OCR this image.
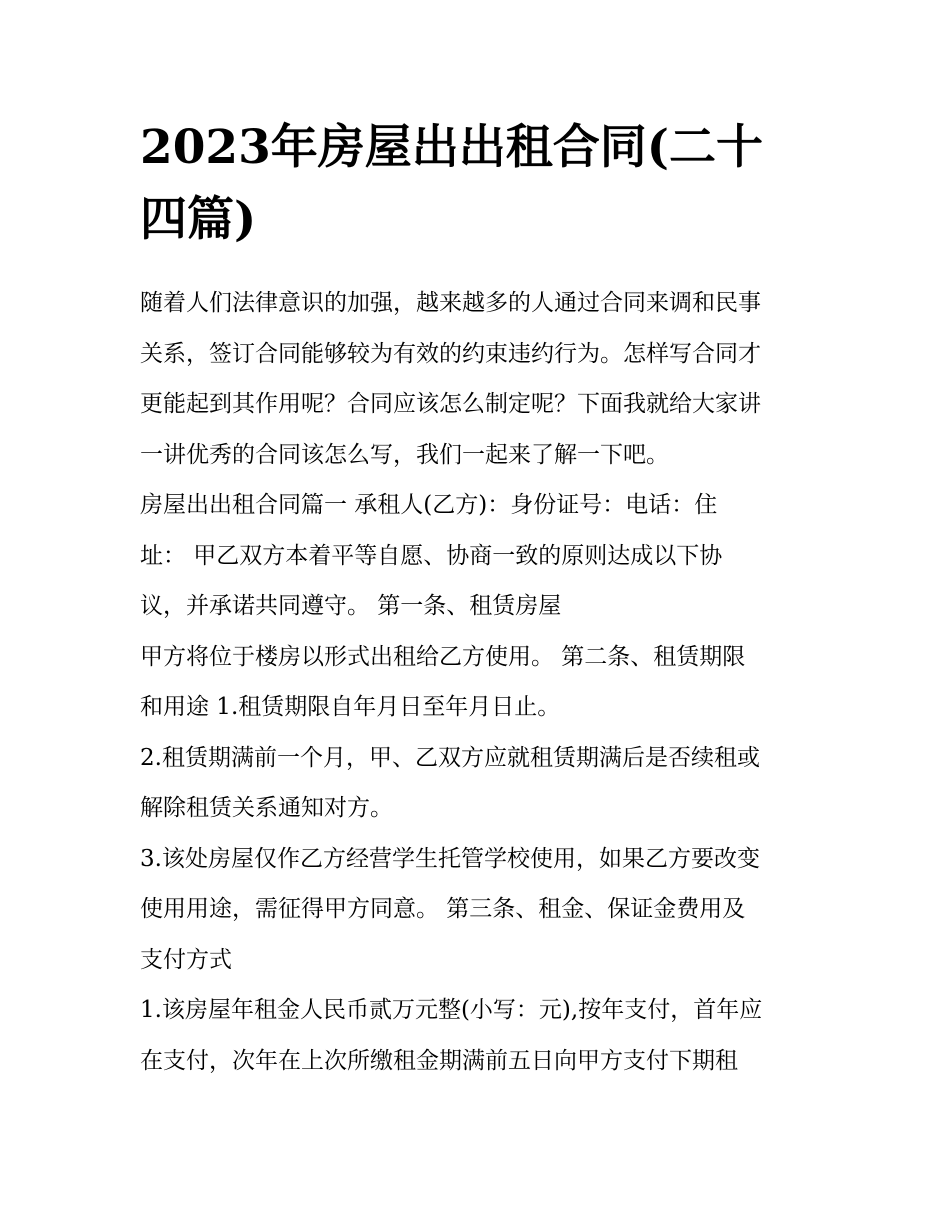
2023年房屋出出租合同(二十
四篇)
随着人们法律意识的加强，越来越多的人通过合同来调和民事
关系，签订合同能够较为有效的约束违约行为。怎样写合同才
更能起到其作用呢？合同应该怎么制定呢？下面我就给大家讲
一讲优秀的合同该怎么写，我们一起来了解一下吧。
房屋出出租合同篇一 承租人(乙方)：身份证号：电话：住
址： 甲乙双方本着平等自愿、协商一致的原则达成以下协
议，并承诺共同遵守。 第一条、租赁房屋
甲方将位于楼房以形式出租给乙方使用。 第二条、租赁期限
和用途 1.租赁期限自年月日至年月日止。
2.租赁期满前一个月，甲、乙双方应就租赁期满后是否续租或
解除租赁关系通知对方。
3.该处房屋仅作乙方经营学生托管学校使用，如果乙方要改变
使用用途，需征得甲方同意。 第三条、租金、保证金费用及
支付方式
1.该房屋年租金人民币贰万元整(小写：元),按年支付，首年应
在支付，次年在上次所缴租金期满前五日向甲方支付下期租
